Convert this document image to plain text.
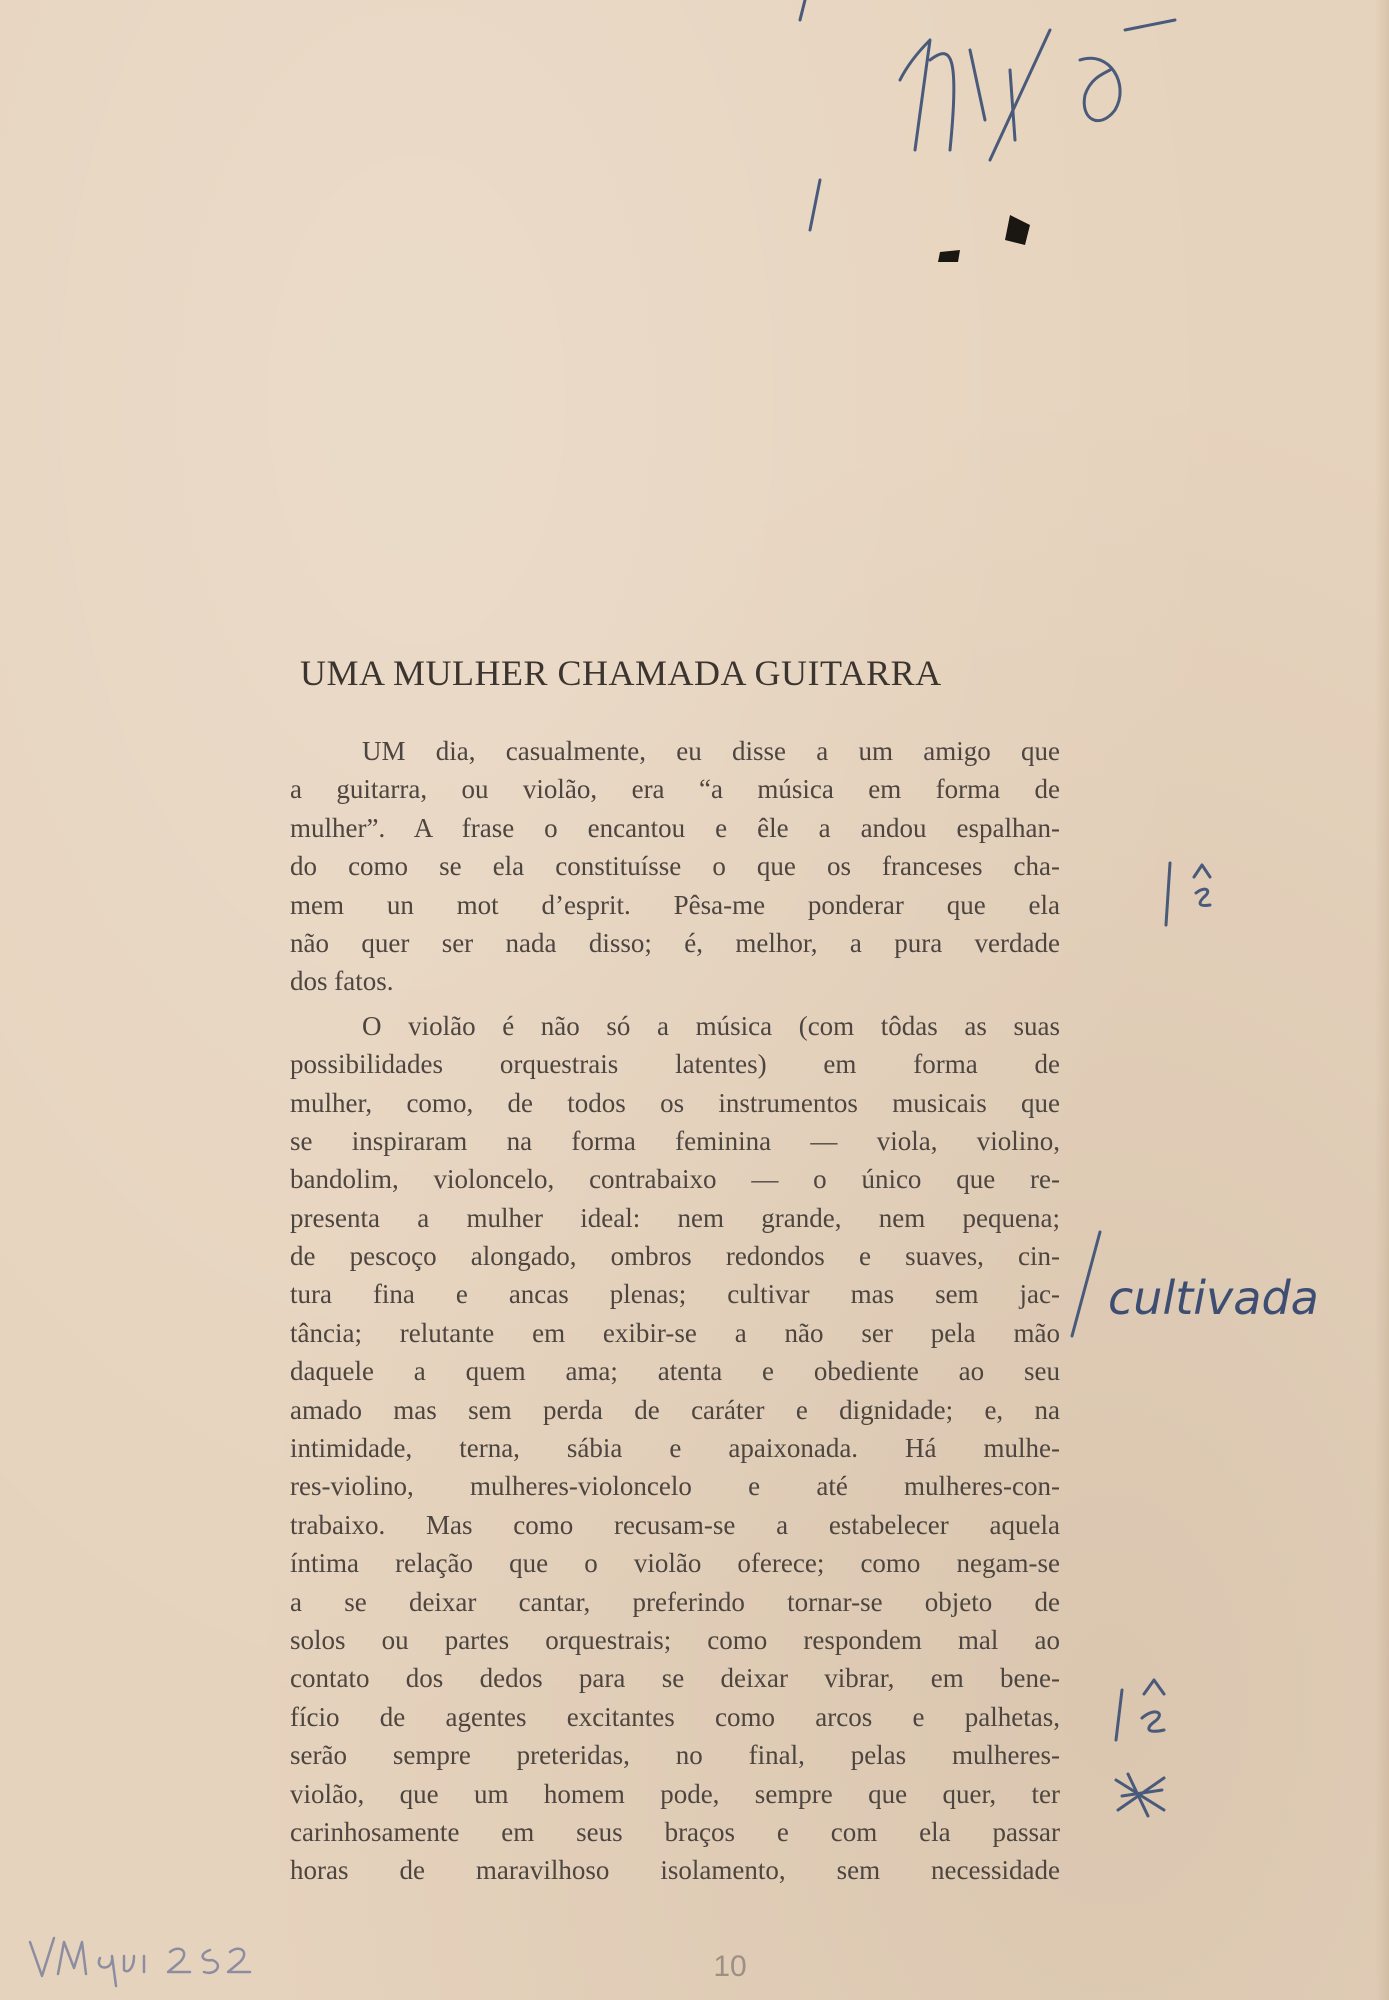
UMA MULHER CHAMADA GUITARRA
UM dia, casualmente, eu disse a um amigo que
a guitarra, ou violão, era “a música em forma de
mulher”. A frase o encantou e êle a andou espalhan-
do como se ela constituísse o que os franceses cha-
mem un mot d’esprit. Pêsa-me ponderar que ela
não quer ser nada disso; é, melhor, a pura verdade
dos fatos.
O violão é não só a música (com tôdas as suas
possibilidades orquestrais latentes) em forma de
mulher, como, de todos os instrumentos musicais que
se inspiraram na forma feminina — viola, violino,
bandolim, violoncelo, contrabaixo — o único que re-
presenta a mulher ideal: nem grande, nem pequena;
de pescoço alongado, ombros redondos e suaves, cin-
tura fina e ancas plenas; cultivar mas sem jac-
tância; relutante em exibir-se a não ser pela mão
daquele a quem ama; atenta e obediente ao seu
amado mas sem perda de caráter e dignidade; e, na
intimidade, terna, sábia e apaixonada. Há mulhe-
res-violino, mulheres-violoncelo e até mulheres-con-
trabaixo. Mas como recusam-se a estabelecer aquela
íntima relação que o violão oferece; como negam-se
a se deixar cantar, preferindo tornar-se objeto de
solos ou partes orquestrais; como respondem mal ao
contato dos dedos para se deixar vibrar, em bene-
fício de agentes excitantes como arcos e palhetas,
serão sempre preteridas, no final, pelas mulheres-
violão, que um homem pode, sempre que quer, ter
carinhosamente em seus braços e com ela passar
horas de maravilhoso isolamento, sem necessidade
cultivada
10
